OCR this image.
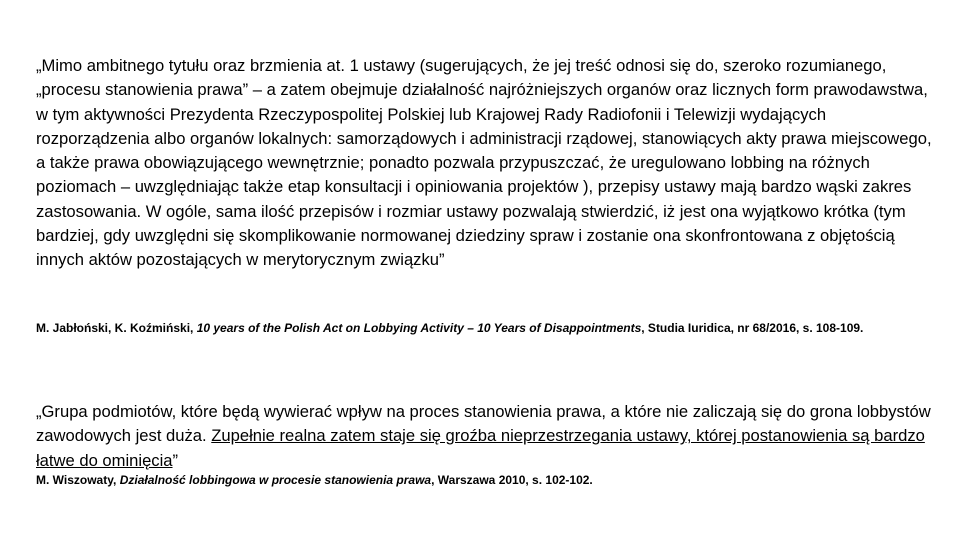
„Mimo ambitnego tytułu oraz brzmienia at. 1 ustawy (sugerujących, że jej treść odnosi się do, szeroko rozumianego, „procesu stanowienia prawa” – a zatem obejmuje działalność najróżniejszych organów oraz licznych form prawodawstwa, w tym aktywności Prezydenta Rzeczypospolitej Polskiej lub Krajowej Rady Radiofonii i Telewizji wydających rozporządzenia albo organów lokalnych: samorządowych i administracji rządowej, stanowiących akty prawa miejscowego, a także prawa obowiązującego wewnętrznie; ponadto pozwala przypuszczać, że uregulowano lobbing na różnych poziomach – uwzględniając także etap konsultacji i opiniowania projektów ), przepisy ustawy mają bardzo wąski zakres zastosowania. W ogóle, sama ilość przepisów i rozmiar ustawy pozwalają stwierdzić, iż jest ona wyjątkowo krótka (tym bardziej, gdy uwzględni się skomplikowanie normowanej dziedziny spraw i zostanie ona skonfrontowana z objętością innych aktów pozostających w merytorycznym związku”

M. Jabłoński, K. Koźmiński, 10 years of the Polish Act on Lobbying Activity – 10 Years of Disappointments, Studia Iuridica, nr 68/2016, s. 108-109.

„Grupa podmiotów, które będą wywierać wpływ na proces stanowienia prawa, a które nie zaliczają się do grona lobbystów zawodowych jest duża. Zupełnie realna zatem staje się groźba nieprzestrzegania ustawy, której postanowienia są bardzo łatwe do ominięcia”

M. Wiszowaty, Działalność lobbingowa w procesie stanowienia prawa, Warszawa 2010, s. 102-102.
